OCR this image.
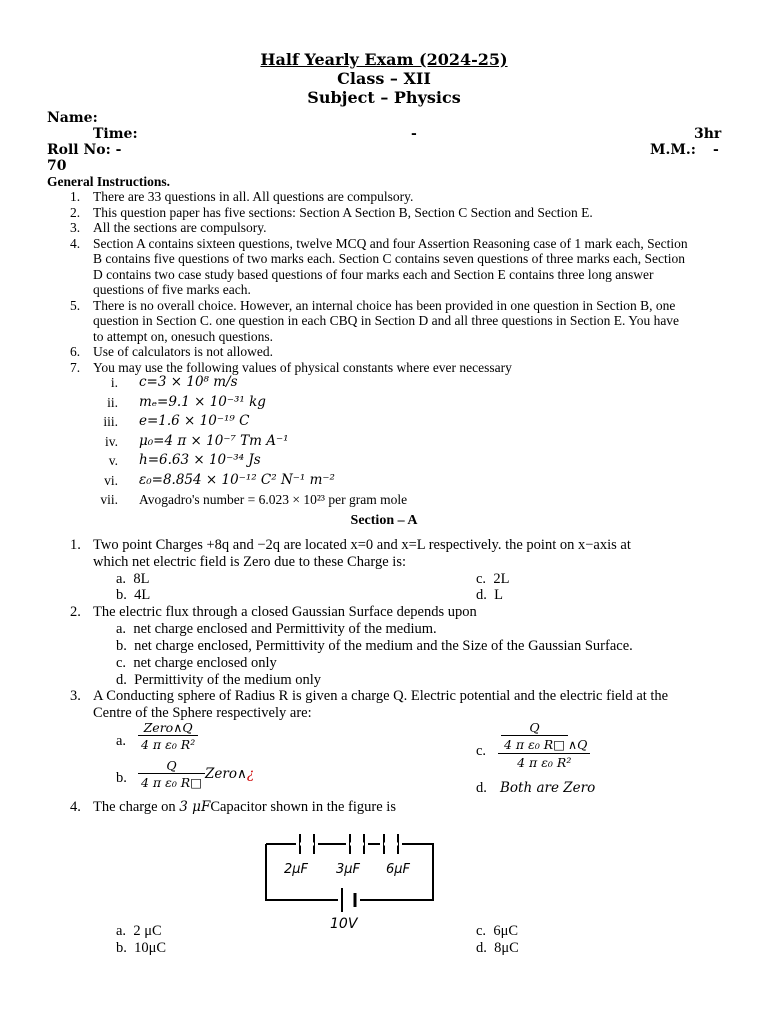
Half Yearly Exam (2024-25)
Class – XII
Subject – Physics
Name:
Time:	-	3hr
Roll No: -	M.M.: -
70
General Instructions.
1. There are 33 questions in all. All questions are compulsory.
2. This question paper has five sections: Section A Section B, Section C Section and Section E.
3. All the sections are compulsory.
4. Section A contains sixteen questions, twelve MCQ and four Assertion Reasoning case of 1 mark each, Section
B contains five questions of two marks each. Section C contains seven questions of three marks each, Section
D contains two case study based questions of four marks each and Section E contains three long answer
questions of five marks each.
5. There is no overall choice. However, an internal choice has been provided in one question in Section B, one
question in Section C. one question in each CBQ in Section D and all three questions in Section E. You have
to attempt on, onesuch questions.
6. Use of calculators is not allowed.
7. You may use the following values of physical constants where ever necessary
i. c=3 × 10⁸ m/s
ii. mₑ=9.1 × 10⁻³¹ kg
iii. e=1.6 × 10⁻¹⁹ C
iv. μ₀=4 π × 10⁻⁷ Tm A⁻¹
v. h=6.63 × 10⁻³⁴ Js
vi. ε₀=8.854 × 10⁻¹² C² N⁻¹ m⁻²
vii. Avogadro's number = 6.023 × 10²³ per gram mole
Section – A
1. Two point Charges +8q and −2q are located x=0 and x=L respectively. the point on x−axis at
which net electric field is Zero due to these Charge is:
a. 8L
b. 4L
c. 2L
d. L
2. The electric flux through a closed Gaussian Surface depends upon
a. net charge enclosed and Permittivity of the medium.
b. net charge enclosed, Permittivity of the medium and the Size of the Gaussian Surface.
c. net charge enclosed only
d. Permittivity of the medium only
3. A Conducting sphere of Radius R is given a charge Q. Electric potential and the electric field at the
Centre of the Sphere respectively are:
a. $\frac{\text{Zero∧Q}}{\text{4 π ε₀ R²}}$
b. $\frac{Q}{\text{4 π ε₀ R□}}$ Zero∧¿
c. $\frac{\frac{Q}{\text{4 π ε₀ R□}} \wedge Q}{\text{4 π ε₀ R²}}$
d. Both are Zero
4. The charge on 3 μFCapacitor shown in the figure is
2μF 3μF 6μF
10V
a. 2 μC
b. 10μC
c. 6μC
d. 8μC
